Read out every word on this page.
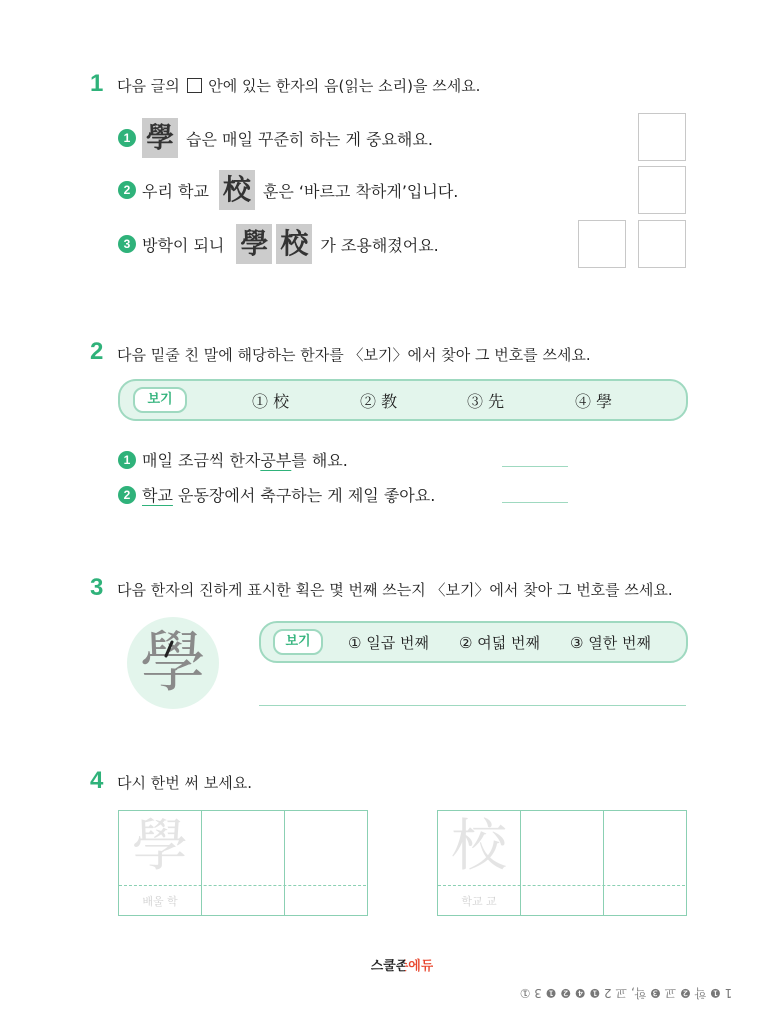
1 다음 글의 안에 있는 한자의 음(읽는 소리)을 쓰세요.
1 學 습은 매일 꾸준히 하는 게 중요해요.
2 우리 학교 校 훈은 ‘바르고 착하게’입니다.
3 방학이 되니 學 校 가 조용해졌어요.
2 다음 밑줄 친 말에 해당하는 한자를 〈보기〉에서 찾아 그 번호를 쓰세요.
보기	① 校	② 教	③ 先	④ 學
1 매일 조금씩 한자 공부 를 해요.
2 학교 운동장에서 축구하는 게 제일 좋아요.
3 다음 한자의 진하게 표시한 획은 몇 번째 쓰는지 〈보기〉에서 찾아 그 번호를 쓰세요.
學	보기	① 일곱 번째 ② 여덟 번째 ③ 열한 번째
4 다시 한번 써 보세요.
學
배울 학
校
학교 교
스쿨존에듀
1 ❶ 학 ❷ 교 ❸ 학, 교 2 ❶ ❹ ❷ ❶ 3 ①
